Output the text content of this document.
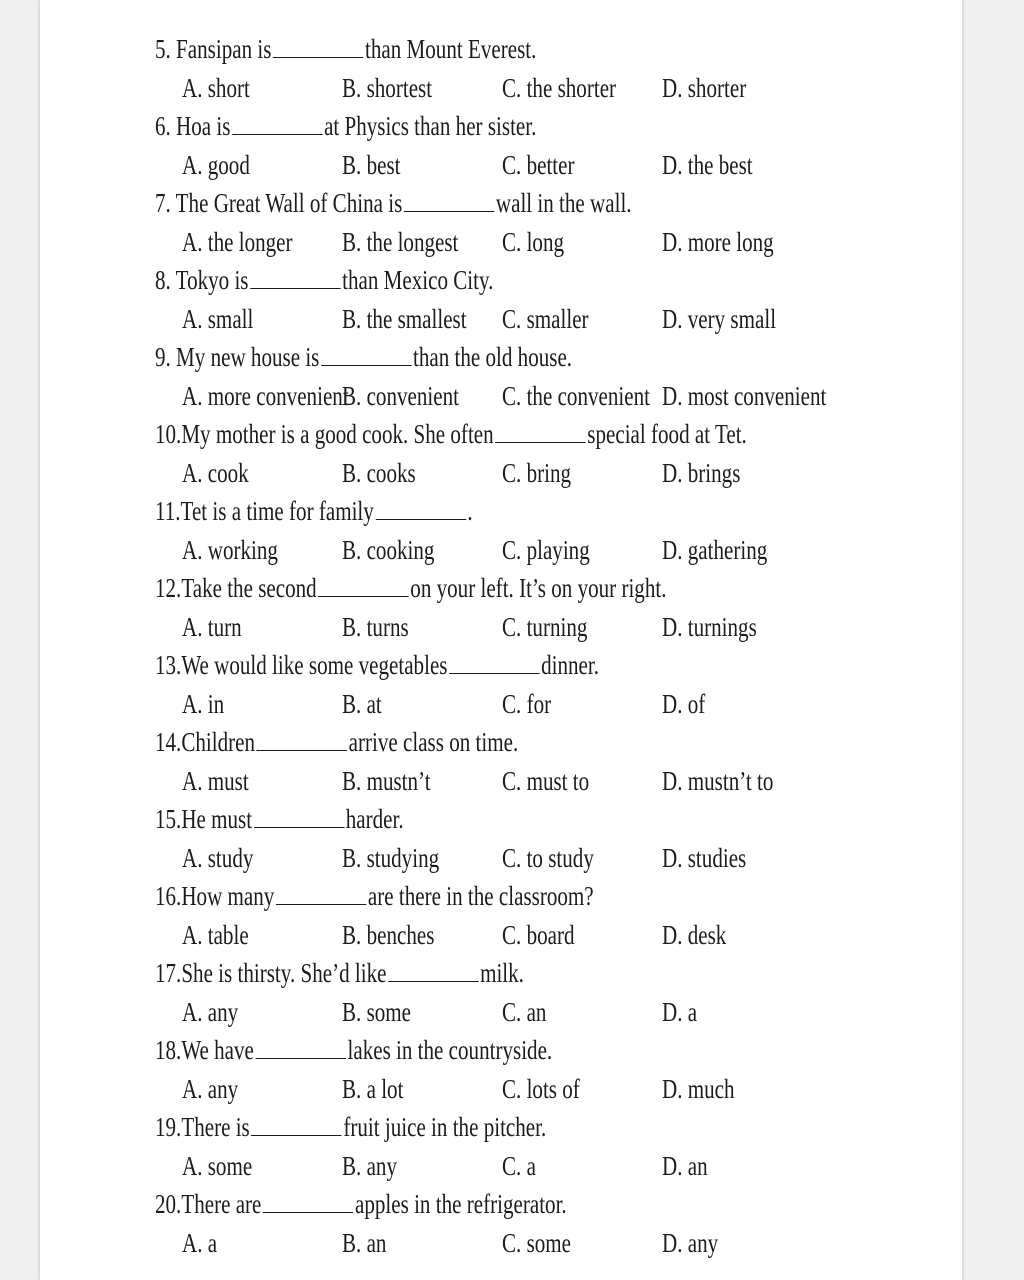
5. Fansipan is	than Mount Everest.
A. short	B. shortest	C. the shorter D. shorter
6. Hoa is	at Physics than her sister.
A. good	B. best	C. better	D. the best
7. The Great Wall of China is	wall in the wall.
A. the longer B. the longest C. long	D. more long
8. Tokyo is	than Mexico City.
A. small	B. the smallest C. smaller	D. very small
9. My new house is	than the old house.
A. more convenient
B. convenient C. the convenient D. most convenient
10.My mother is a good cook. She often	special food at Tet.
A. cook	B. cooks	C. bring	D. brings
11.Tet is a time for family	.
A. working B. cooking	C. playing	D. gathering
12.Take the second	on your left. It’s on your right.
A. turn	B. turns	C. turning	D. turnings
13.We would like some vegetables	dinner.
A. in	B. at	C. for	D. of
14.Children	arrive class on time.
A. must	B. mustn’t	C. must to	D. mustn’t to
15.He must	harder.
A. study	B. studying C. to study	D. studies
16.How many	are there in the classroom?
A. table	B. benches	C. board	D. desk
17.She is thirsty. She’d like	milk.
A. any	B. some	C. an	D. a
18.We have	lakes in the countryside.
A. any	B. a lot	C. lots of	D. much
19.There is	fruit juice in the pitcher.
A. some	B. any	C. a	D. an
20.There are	apples in the refrigerator.
A. a	B. an	C. some	D. any
